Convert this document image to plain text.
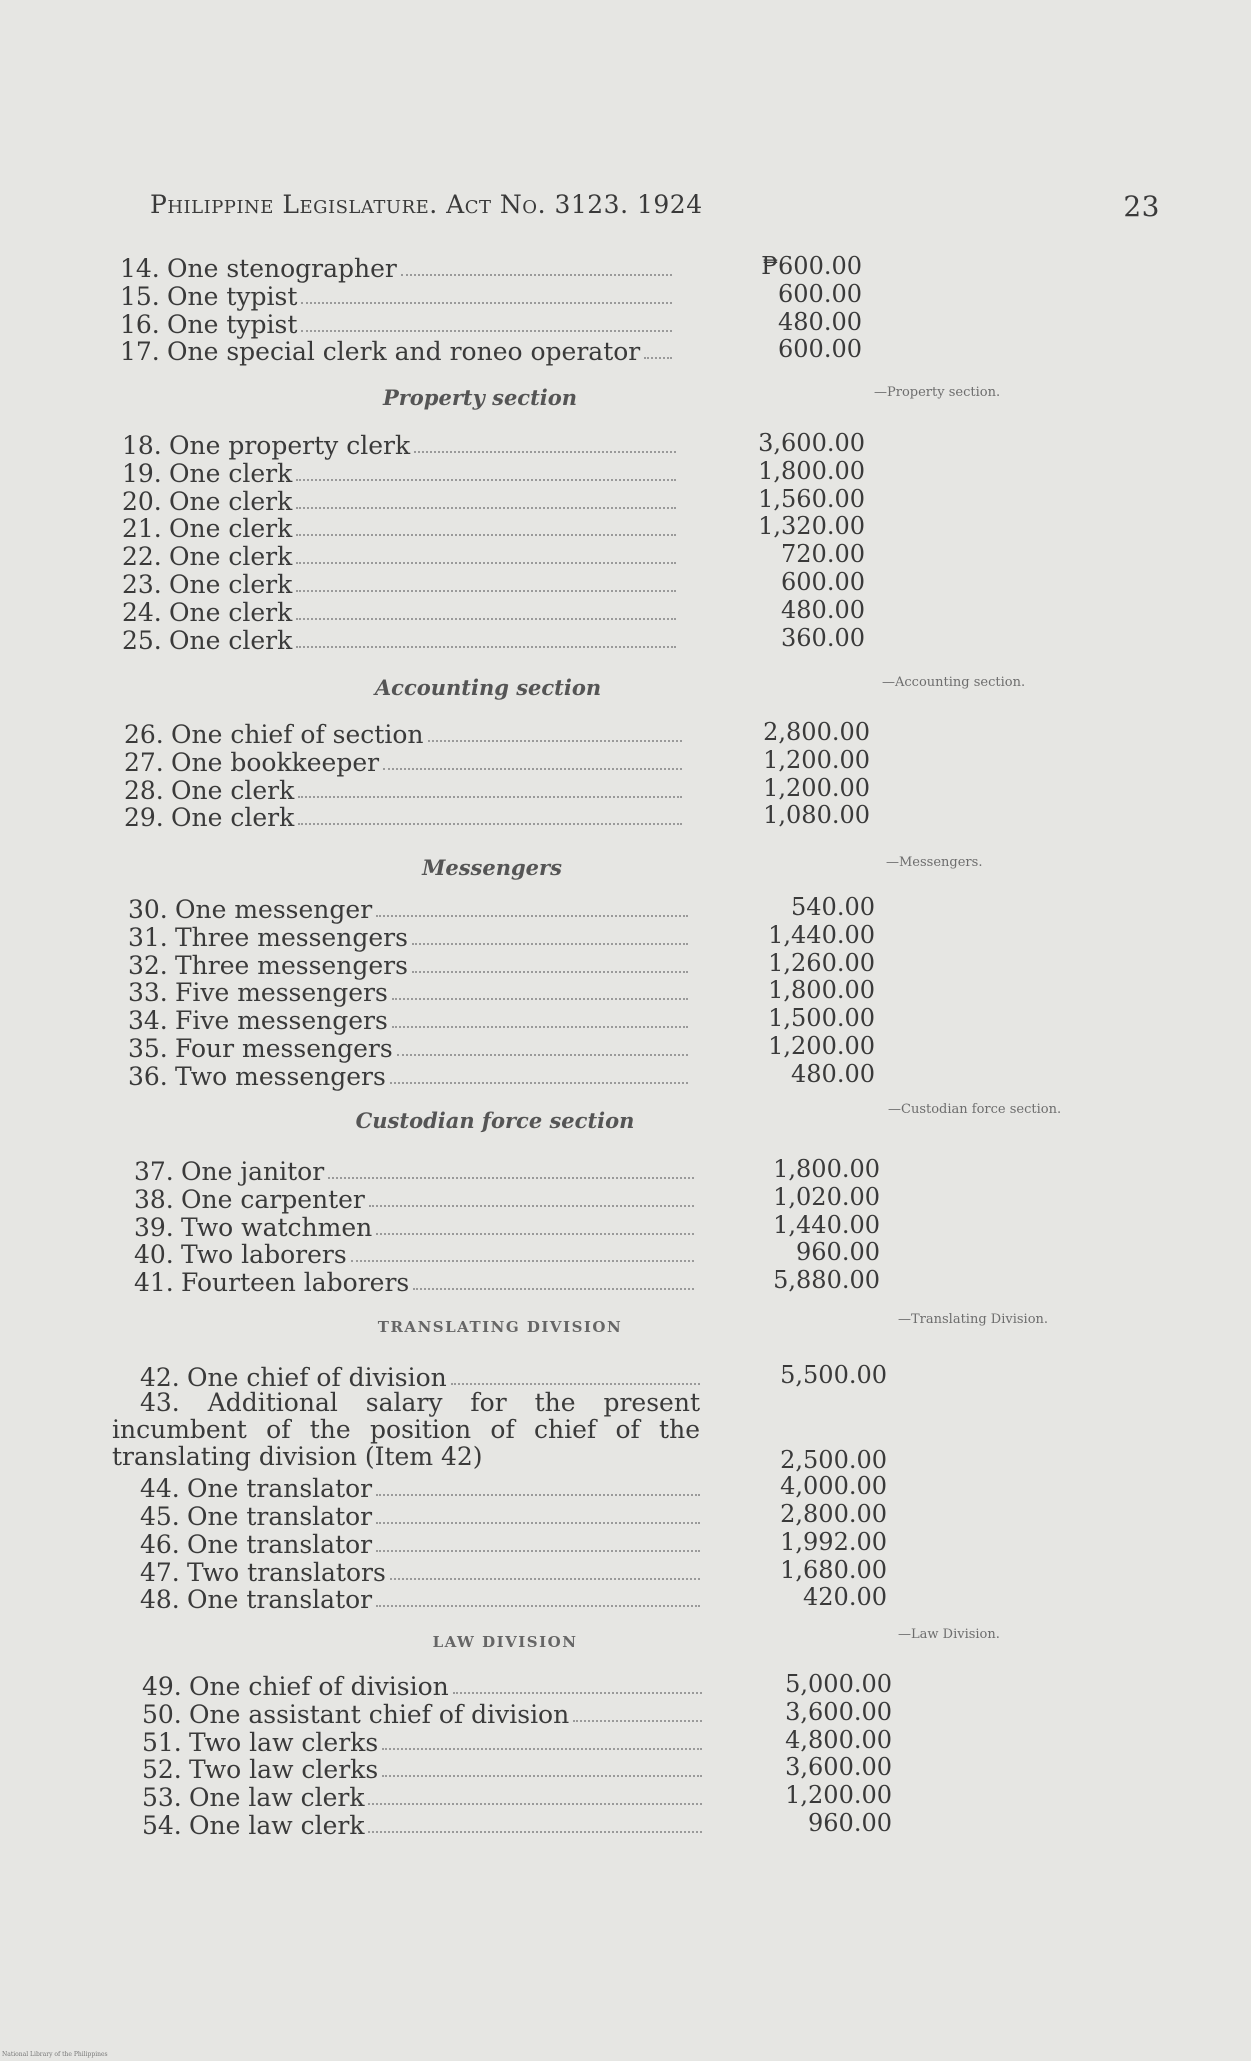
Philippine Legislature. Act No. 3123. 1924	23
14. One stenographer	₱600.00
15. One typist	600.00
16. One typist	480.00
17. One special clerk and roneo operator	600.00
Property section	—Property section.
18. One property clerk	3,600.00
19. One clerk	1,800.00
20. One clerk	1,560.00
21. One clerk	1,320.00
22. One clerk	720.00
23. One clerk	600.00
24. One clerk	480.00
25. One clerk	360.00
Accounting section	—Accounting section.
26. One chief of section	2,800.00
27. One bookkeeper	1,200.00
28. One clerk	1,200.00
29. One clerk	1,080.00
Messengers	—Messengers.
30. One messenger	540.00
31. Three messengers	1,440.00
32. Three messengers	1,260.00
33. Five messengers	1,800.00
34. Five messengers	1,500.00
35. Four messengers	1,200.00
36. Two messengers	480.00
Custodian force section	—Custodian force section.
37. One janitor	1,800.00
38. One carpenter	1,020.00
39. Two watchmen	1,440.00
40. Two laborers	960.00
41. Fourteen laborers	5,880.00
TRANSLATING DIVISION	—Translating Division.
42. One chief of division	5,500.00
43. Additional salary for the present incumbent of the position of chief of the translating division (Item 42)	2,500.00
44. One translator	4,000.00
45. One translator	2,800.00
46. One translator	1,992.00
47. Two translators	1,680.00
48. One translator	420.00
LAW DIVISION	—Law Division.
49. One chief of division	5,000.00
50. One assistant chief of division	3,600.00
51. Two law clerks	4,800.00
52. Two law clerks	3,600.00
53. One law clerk	1,200.00
54. One law clerk	960.00
National Library of the Philippines
